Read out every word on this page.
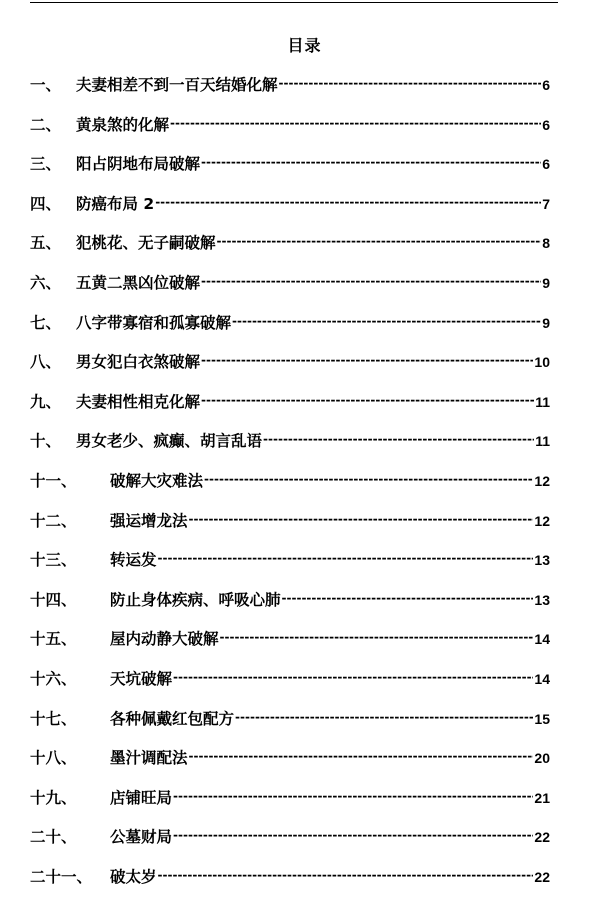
目录
一、 夫妻相差不到一百天结婚化解 -----	6
二、 黄泉煞的化解 -----	6
三、 阳占阴地布局破解 -----	6
四、 防癌布局 2 -----	7
五、 犯桃花、无子嗣破解 -----	8
六、 五黄二黑凶位破解 -----	9
七、 八字带寡宿和孤寡破解 -----	9
八、 男女犯白衣煞破解 -----	10
九、 夫妻相性相克化解 -----	11
十、 男女老少、疯癫、胡言乱语 -----	11
十一、	破解大灾难法 -----	12
十二、	强运增龙法 -----	12
十三、	转运发 -----	13
十四、	防止身体疾病、呼吸心肺 -----	13
十五、	屋内动静大破解 -----	14
十六、	天坑破解 -----	14
十七、	各种佩戴红包配方 -----	15
十八、	墨汁调配法 -----	20
十九、	店铺旺局 -----	21
二十、	公墓财局 -----	22
二十一、	破太岁 -----	22
